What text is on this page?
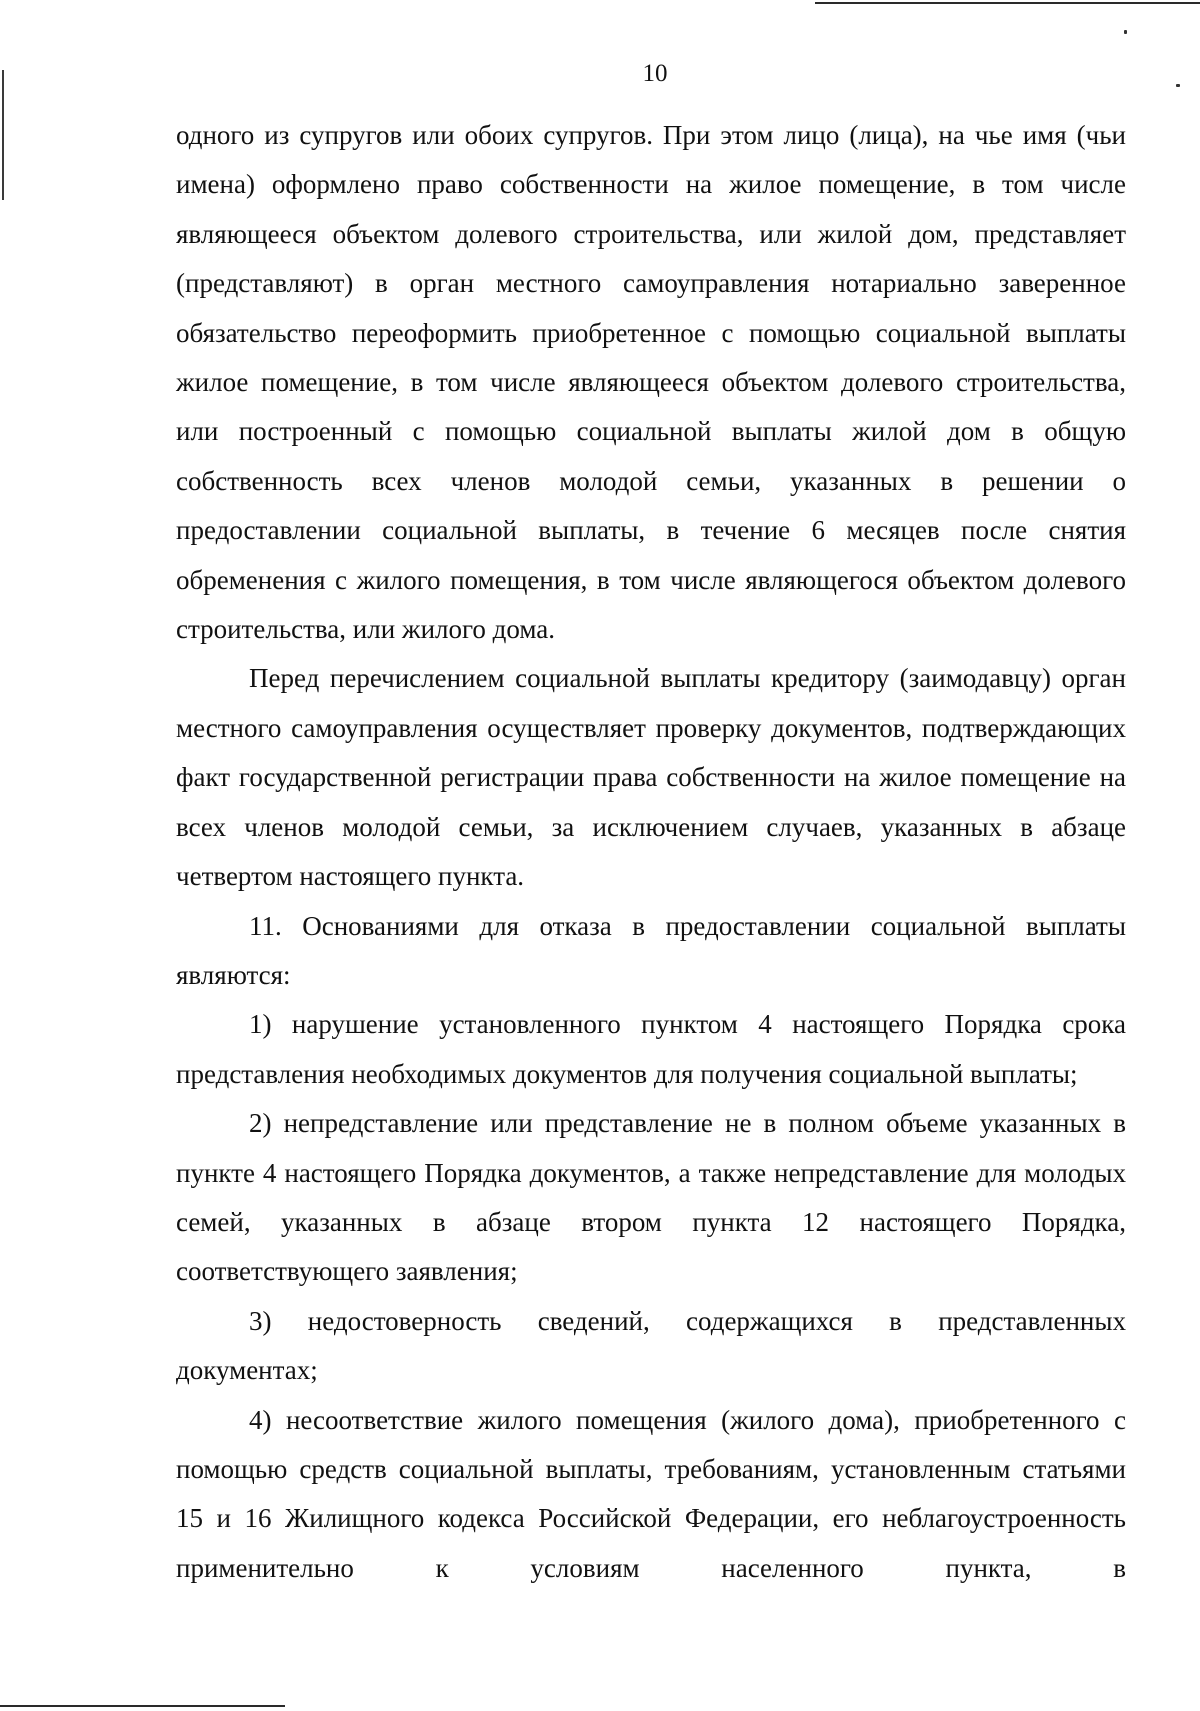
10

одного из супругов или обоих супругов. При этом лицо (лица), на чье имя (чьи имена) оформлено право собственности на жилое помещение, в том числе являющееся объектом долевого строительства, или жилой дом, представляет (представляют) в орган местного самоуправления нотариально заверенное обязательство переоформить приобретенное с помощью социальной выплаты жилое помещение, в том числе являющееся объектом долевого строительства, или построенный с помощью социальной выплаты жилой дом в общую собственность всех членов молодой семьи, указанных в решении о предоставлении социальной выплаты, в течение 6 месяцев после снятия обременения с жилого помещения, в том числе являющегося объектом долевого строительства, или жилого дома.

Перед перечислением социальной выплаты кредитору (заимодавцу) орган местного самоуправления осуществляет проверку документов, подтверждающих факт государственной регистрации права собственности на жилое помещение на всех членов молодой семьи, за исключением случаев, указанных в абзаце четвертом настоящего пункта.

11. Основаниями для отказа в предоставлении социальной выплаты являются:

1) нарушение установленного пунктом 4 настоящего Порядка срока представления необходимых документов для получения социальной выплаты;

2) непредставление или представление не в полном объеме указанных в пункте 4 настоящего Порядка документов, а также непредставление для молодых семей, указанных в абзаце втором пункта 12 настоящего Порядка, соответствующего заявления;

3) недостоверность сведений, содержащихся в представленных документах;

4) несоответствие жилого помещения (жилого дома), приобретенного с помощью средств социальной выплаты, требованиям, установленным статьями 15 и 16 Жилищного кодекса Российской Федерации, его неблагоустроенность применительно к условиям населенного пункта, в
